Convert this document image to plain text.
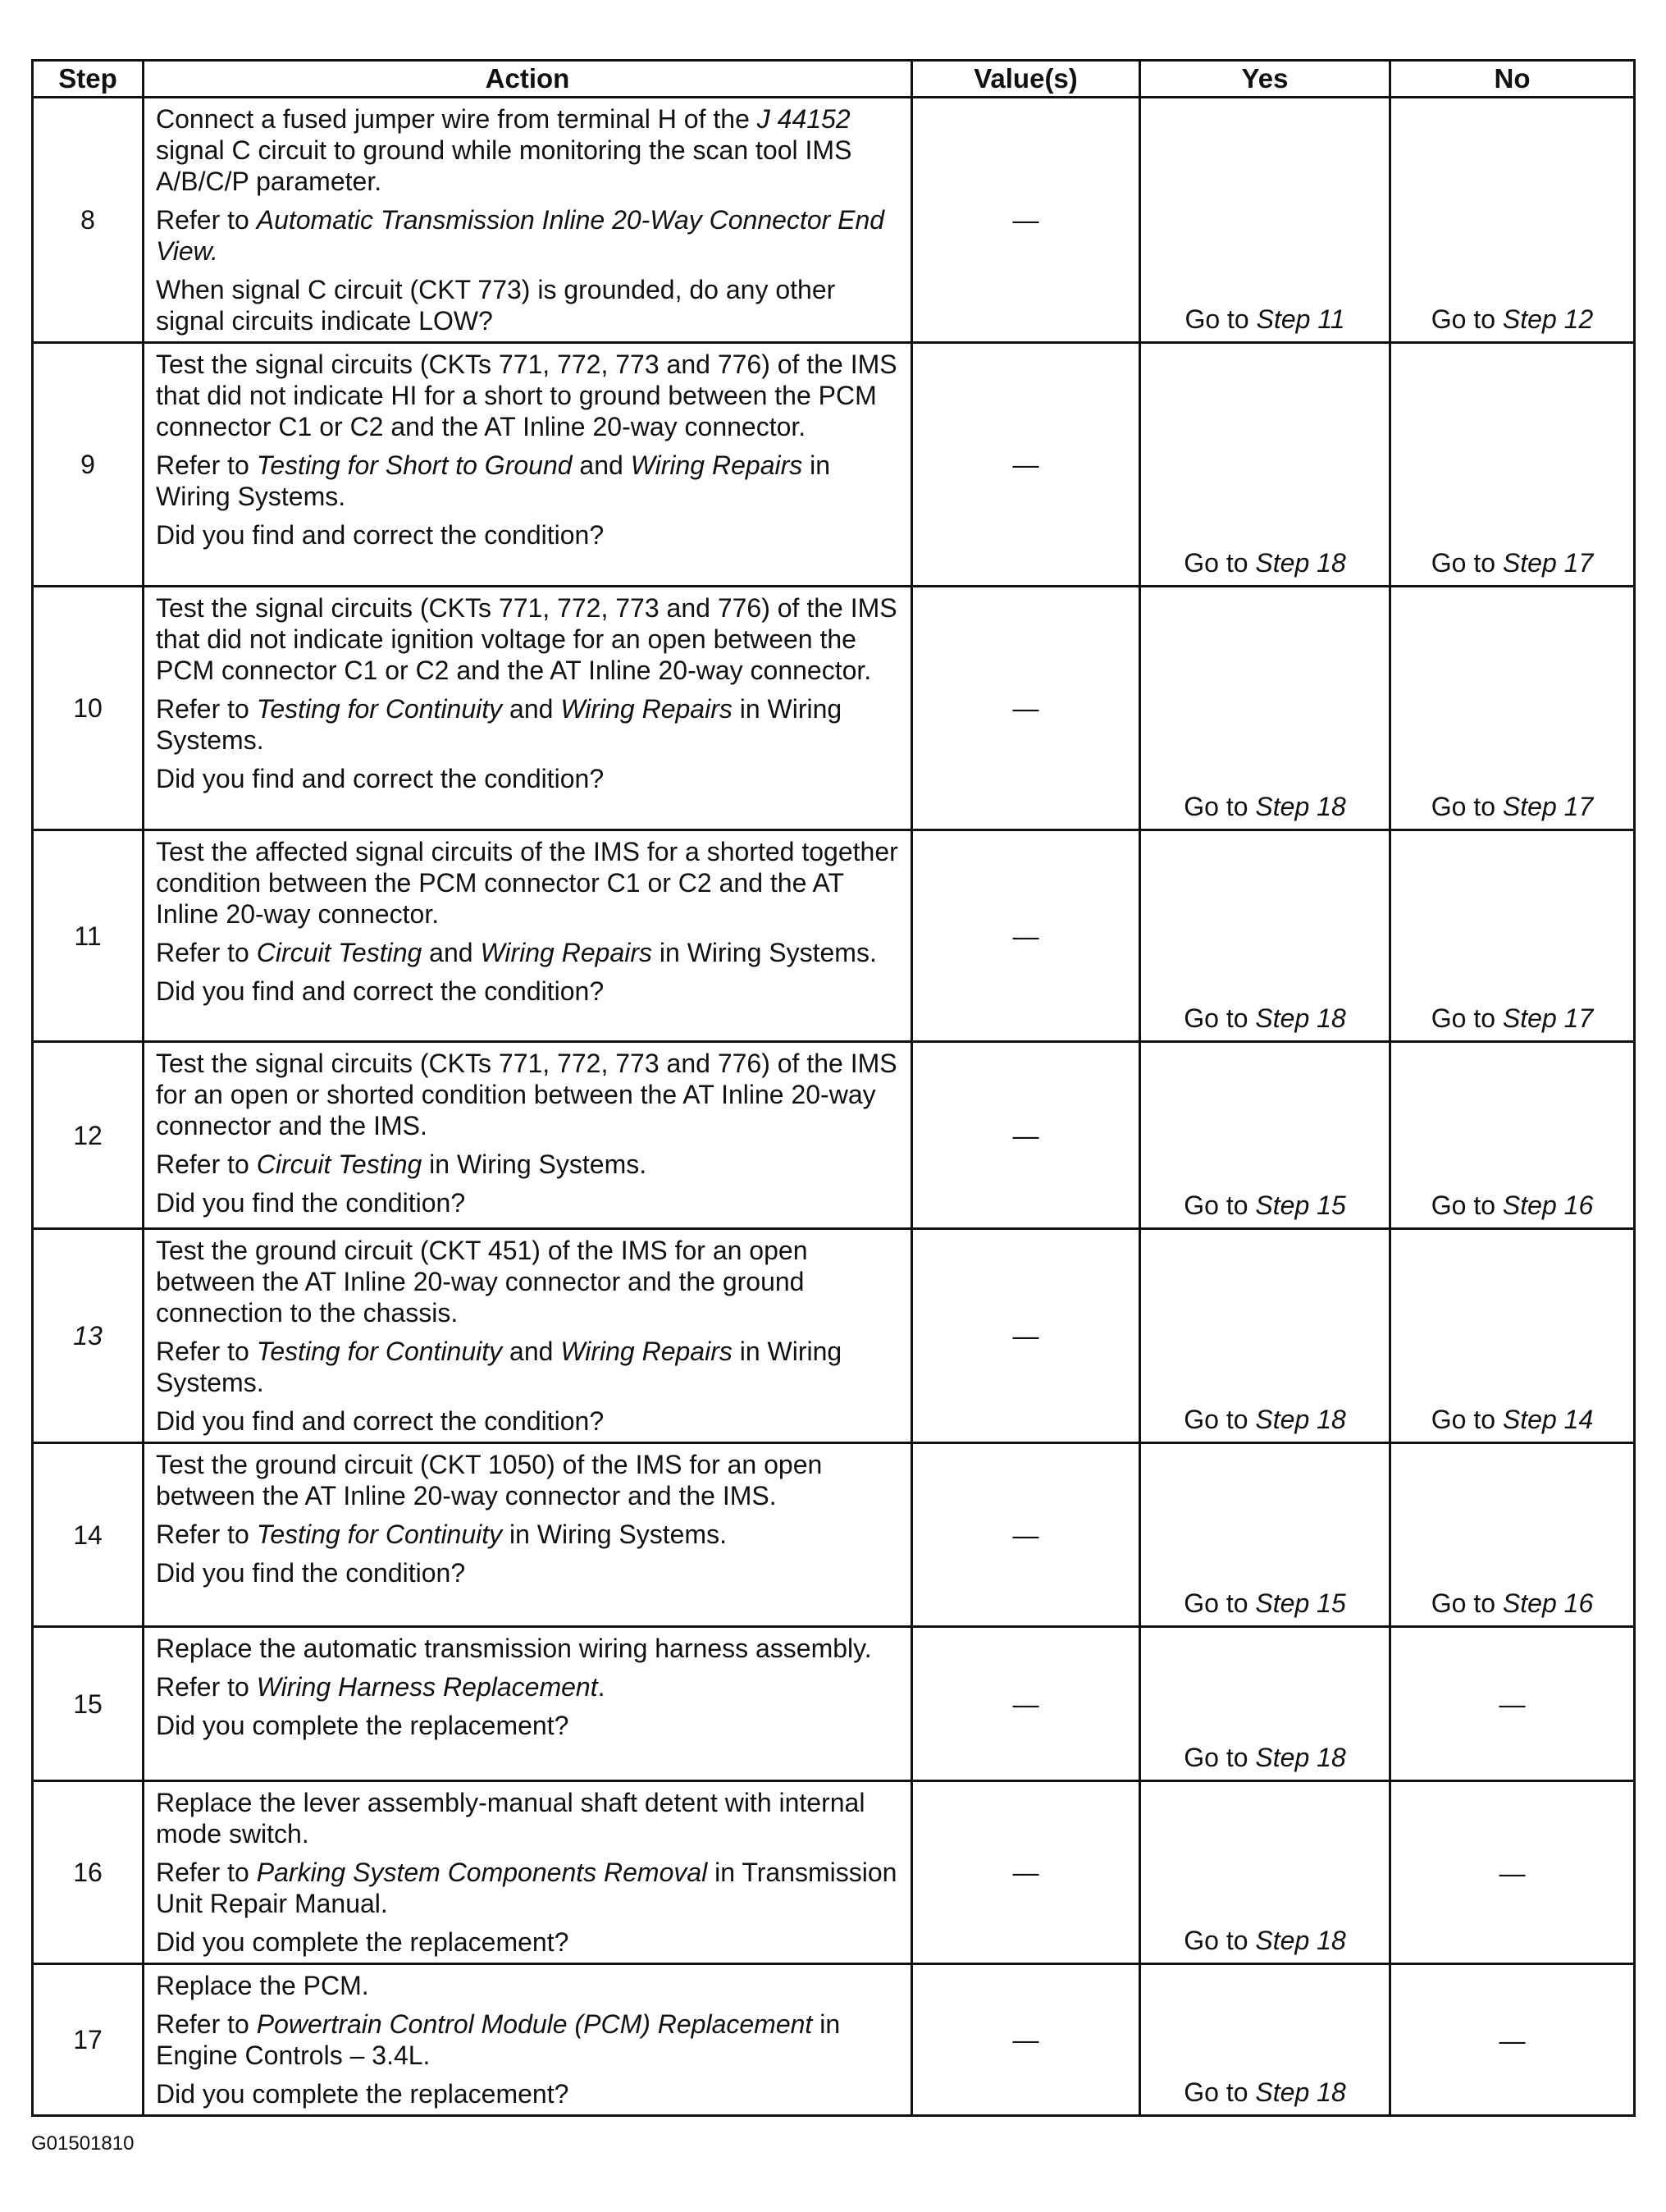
Step	Action	Value(s)	Yes	No
8	Connect a fused jumper wire from terminal H of the J 44152 signal C circuit to ground while monitoring the scan tool IMS A/B/C/P parameter.
Refer to Automatic Transmission Inline 20-Way Connector End View.
When signal C circuit (CKT 773) is grounded, do any other signal circuits indicate LOW?	—	Go to Step 11	Go to Step 12
9	Test the signal circuits (CKTs 771, 772, 773 and 776) of the IMS that did not indicate HI for a short to ground between the PCM connector C1 or C2 and the AT Inline 20-way connector.
Refer to Testing for Short to Ground and Wiring Repairs in Wiring Systems.
Did you find and correct the condition?	—	Go to Step 18	Go to Step 17
10	Test the signal circuits (CKTs 771, 772, 773 and 776) of the IMS that did not indicate ignition voltage for an open between the PCM connector C1 or C2 and the AT Inline 20-way connector.
Refer to Testing for Continuity and Wiring Repairs in Wiring Systems.
Did you find and correct the condition?	—	Go to Step 18	Go to Step 17
11	Test the affected signal circuits of the IMS for a shorted together condition between the PCM connector C1 or C2 and the AT Inline 20-way connector.
Refer to Circuit Testing and Wiring Repairs in Wiring Systems.
Did you find and correct the condition?	—	Go to Step 18	Go to Step 17
12	Test the signal circuits (CKTs 771, 772, 773 and 776) of the IMS for an open or shorted condition between the AT Inline 20-way connector and the IMS.
Refer to Circuit Testing in Wiring Systems.
Did you find the condition?	—	Go to Step 15	Go to Step 16
13	Test the ground circuit (CKT 451) of the IMS for an open between the AT Inline 20-way connector and the ground connection to the chassis.
Refer to Testing for Continuity and Wiring Repairs in Wiring Systems.
Did you find and correct the condition?	—	Go to Step 18	Go to Step 14
14	Test the ground circuit (CKT 1050) of the IMS for an open between the AT Inline 20-way connector and the IMS.
Refer to Testing for Continuity in Wiring Systems.
Did you find the condition?	—	Go to Step 15	Go to Step 16
15	Replace the automatic transmission wiring harness assembly.
Refer to Wiring Harness Replacement.
Did you complete the replacement?	—	Go to Step 18	—
16	Replace the lever assembly-manual shaft detent with internal mode switch.
Refer to Parking System Components Removal in Transmission Unit Repair Manual.
Did you complete the replacement?	—	Go to Step 18	—
17	Replace the PCM.
Refer to Powertrain Control Module (PCM) Replacement in Engine Controls – 3.4L.
Did you complete the replacement?	—	Go to Step 18	—
G01501810
